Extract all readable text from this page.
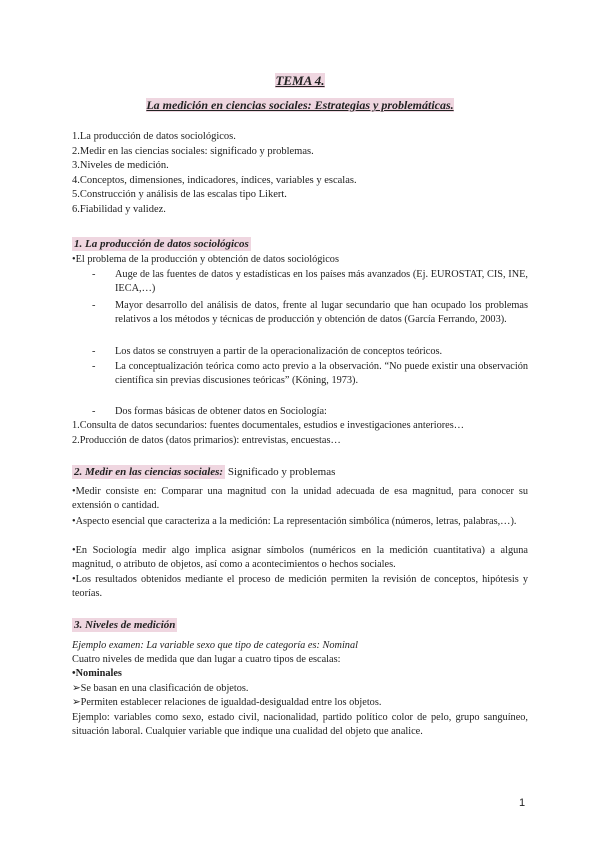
TEMA 4.
La medición en ciencias sociales: Estrategias y problemáticas.
1.La producción de datos sociológicos.
2.Medir en las ciencias sociales: significado y problemas.
3.Niveles de medición.
4.Conceptos, dimensiones, indicadores, índices, variables y escalas.
5.Construcción y análisis de las escalas tipo Likert.
6.Fiabilidad y validez.
1. La producción de datos sociológicos
•El problema de la producción y obtención de datos sociológicos
- Auge de las fuentes de datos y estadísticas en los países más avanzados (Ej. EUROSTAT, CIS, INE, IECA,…)
- Mayor desarrollo del análisis de datos, frente al lugar secundario que han ocupado los problemas relativos a los métodos y técnicas de producción y obtención de datos (García Ferrando, 2003).
- Los datos se construyen a partir de la operacionalización de conceptos teóricos.
- La conceptualización teórica como acto previo a la observación. “No puede existir una observación científica sin previas discusiones teóricas” (Köning, 1973).
- Dos formas básicas de obtener datos en Sociología:
1.Consulta de datos secundarios: fuentes documentales, estudios e investigaciones anteriores…
2.Producción de datos (datos primarios): entrevistas, encuestas…
2. Medir en las ciencias sociales: Significado y problemas
•Medir consiste en: Comparar una magnitud con la unidad adecuada de esa magnitud, para conocer su extensión o cantidad.
•Aspecto esencial que caracteriza a la medición: La representación simbólica (números, letras, palabras,…).
•En Sociología medir algo implica asignar símbolos (numéricos en la medición cuantitativa) a alguna magnitud, o atributo de objetos, así como a acontecimientos o hechos sociales.
•Los resultados obtenidos mediante el proceso de medición permiten la revisión de conceptos, hipótesis y teorías.
3. Niveles de medición
Ejemplo examen: La variable sexo que tipo de categoría es: Nominal
Cuatro niveles de medida que dan lugar a cuatro tipos de escalas:
•Nominales
➢Se basan en una clasificación de objetos.
➢Permiten establecer relaciones de igualdad-desigualdad entre los objetos.
Ejemplo: variables como sexo, estado civil, nacionalidad, partido político color de pelo, grupo sanguíneo, situación laboral. Cualquier variable que indique una cualidad del objeto que analice.
1
